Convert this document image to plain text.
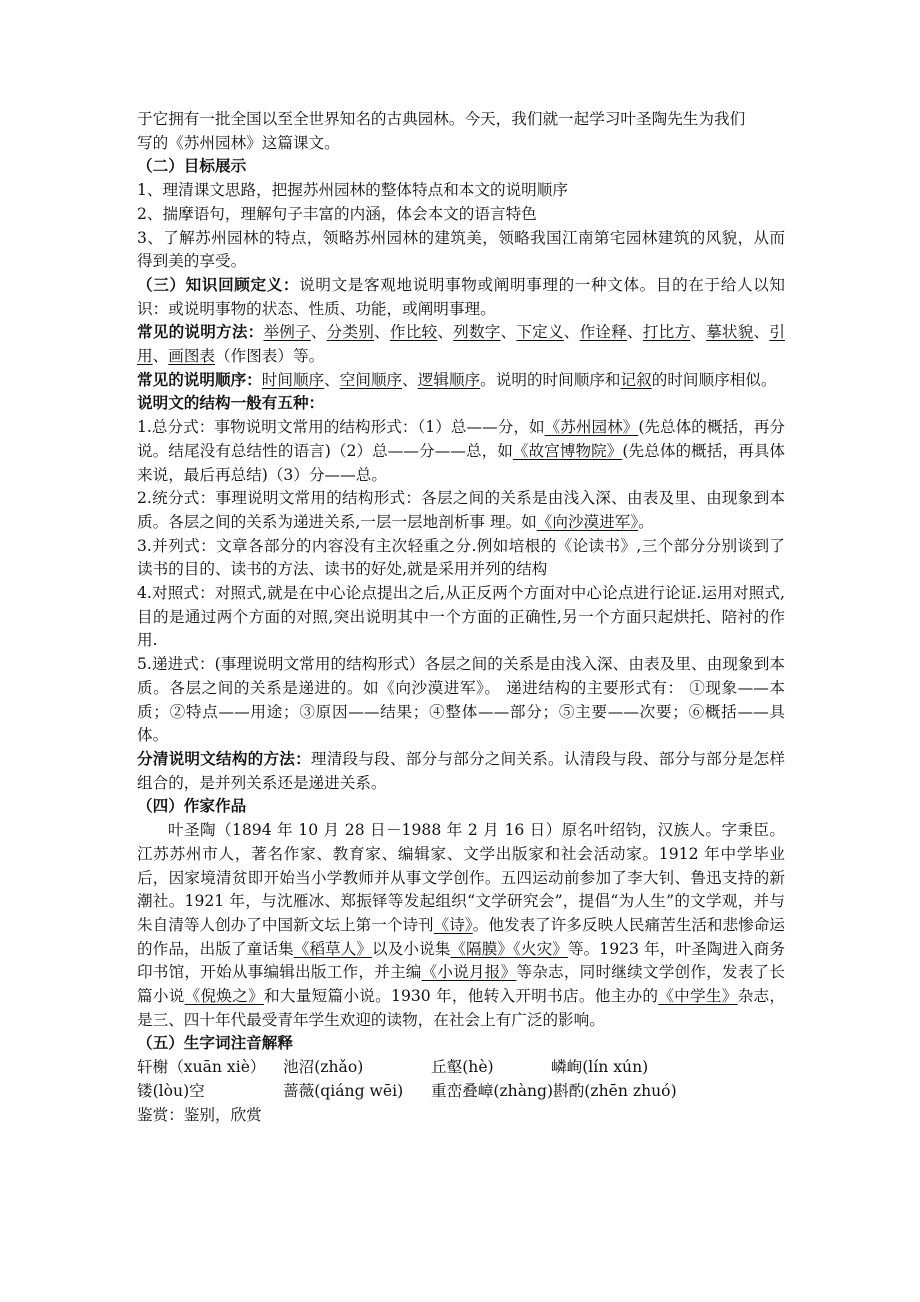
于它拥有一批全国以至全世界知名的古典园林。今天，我们就一起学习叶圣陶先生为我们
写的《苏州园林》这篇课文。

（二）目标展示

1、理清课文思路，把握苏州园林的整体特点和本文的说明顺序

2、揣摩语句，理解句子丰富的内涵，体会本文的语言特色

3、了解苏州园林的特点，领略苏州园林的建筑美，领略我国江南第宅园林建筑的风貌，从而得到美的享受。

（三）知识回顾定义：说明文是客观地说明事物或阐明事理的一种文体。目的在于给人以知识：或说明事物的状态、性质、功能，或阐明事理。

常见的说明方法：举例子、分类别、作比较、列数字、下定义、作诠释、打比方、摹状貌、引用、画图表（作图表）等。

常见的说明顺序：时间顺序、空间顺序、逻辑顺序。说明的时间顺序和记叙的时间顺序相似。

说明文的结构一般有五种：

1.总分式：事物说明文常用的结构形式：（1）总——分，如《苏州园林》(先总体的概括，再分说。结尾没有总结性的语言)（2）总——分——总，如《故宫博物院》(先总体的概括，再具体来说，最后再总结)（3）分——总。

2.统分式：事理说明文常用的结构形式：各层之间的关系是由浅入深、由表及里、由现象到本质。各层之间的关系为递进关系,一层一层地剖析事 理。如《向沙漠进军》。

3.并列式：文章各部分的内容没有主次轻重之分.例如培根的《论读书》,三个部分分别谈到了读书的目的、读书的方法、读书的好处,就是采用并列的结构

4.对照式：对照式,就是在中心论点提出之后,从正反两个方面对中心论点进行论证.运用对照式,目的是通过两个方面的对照,突出说明其中一个方面的正确性,另一个方面只起烘托、陪衬的作用.

5.递进式：(事理说明文常用的结构形式）各层之间的关系是由浅入深、由表及里、由现象到本质。各层之间的关系是递进的。如《向沙漠进军》。 递进结构的主要形式有： ①现象——本质；②特点——用途；③原因——结果；④整体——部分；⑤主要——次要；⑥概括——具体。

分清说明文结构的方法：理清段与段、部分与部分之间关系。认清段与段、部分与部分是怎样组合的，是并列关系还是递进关系。

（四）作家作品

叶圣陶（1894 年 10 月 28 日－1988 年 2 月 16 日）原名叶绍钧，汉族人。字秉臣。江苏苏州市人，著名作家、教育家、编辑家、文学出版家和社会活动家。1912 年中学毕业后，因家境清贫即开始当小学教师并从事文学创作。五四运动前参加了李大钊、鲁迅支持的新潮社。1921 年，与沈雁冰、郑振铎等发起组织“文学研究会”，提倡“为人生”的文学观，并与朱自清等人创办了中国新文坛上第一个诗刊《诗》。他发表了许多反映人民痛苦生活和悲惨命运的作品，出版了童话集《稻草人》以及小说集《隔膜》《火灾》等。1923 年，叶圣陶进入商务印书馆，开始从事编辑出版工作，并主编《小说月报》等杂志，同时继续文学创作，发表了长篇小说《倪焕之》和大量短篇小说。1930 年，他转入开明书店。他主办的《中学生》杂志，是三、四十年代最受青年学生欢迎的读物，在社会上有广泛的影响。

（五）生字词注音解释

轩榭（xuān xiè）	池沼(zhǎo)	丘壑(hè)	嶙峋(lín xún)
镂(lòu)空	蔷薇(qiáng wēi)	重峦叠嶂(zhàng)斟酌(zhēn zhuó)

鉴赏：鉴别，欣赏
